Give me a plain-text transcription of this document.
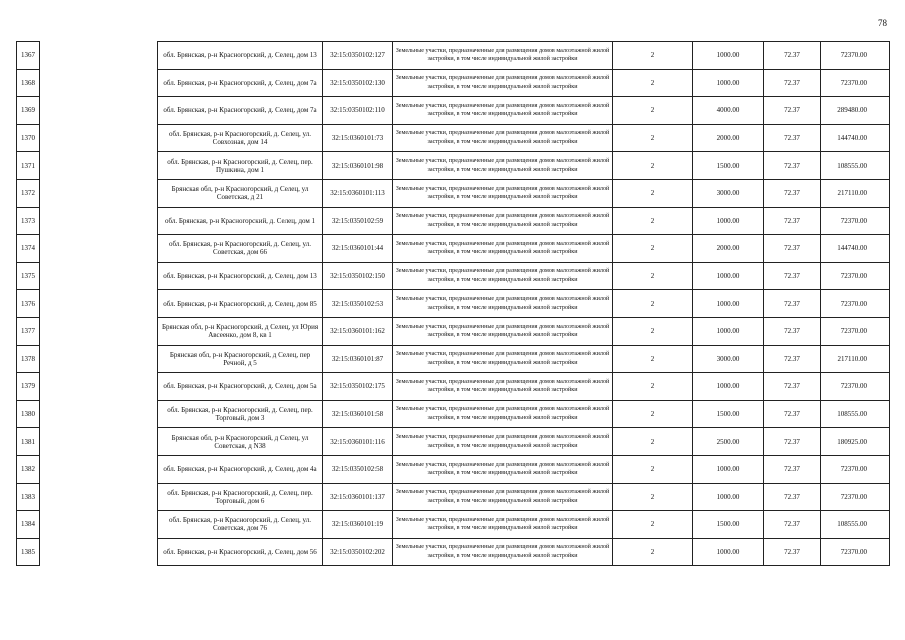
78
1367		обл. Брянская, р-н Красногорский, д. Селец, дом 13	32:15:0350102:127	Земельные участки, предназначенные для размещения домов малоэтажной жилой застройки, в том числе индивидуальной жилой застройки	2	1000.00	72.37	72370.00
1368		обл. Брянская, р-н Красногорский, д. Селец, дом 7а	32:15:0350102:130	Земельные участки, предназначенные для размещения домов малоэтажной жилой застройки, в том числе индивидуальной жилой застройки	2	1000.00	72.37	72370.00
1369		обл. Брянская, р-н Красногорский, д. Селец, дом 7а	32:15:0350102:110	Земельные участки, предназначенные для размещения домов малоэтажной жилой застройки, в том числе индивидуальной жилой застройки	2	4000.00	72.37	289480.00
1370		обл. Брянская, р-н Красногорский, д. Селец, ул. Совхозная, дом 14	32:15:0360101:73	Земельные участки, предназначенные для размещения домов малоэтажной жилой застройки, в том числе индивидуальной жилой застройки	2	2000.00	72.37	144740.00
1371		обл. Брянская, р-н Красногорский, д. Селец, пер. Пушкина, дом 1	32:15:0360101:98	Земельные участки, предназначенные для размещения домов малоэтажной жилой застройки, в том числе индивидуальной жилой застройки	2	1500.00	72.37	108555.00
1372		Брянская обл, р-н Красногорский, д Селец, ул Советская, д 21	32:15:0360101:113	Земельные участки, предназначенные для размещения домов малоэтажной жилой застройки, в том числе индивидуальной жилой застройки	2	3000.00	72.37	217110.00
1373		обл. Брянская, р-н Красногорский, д. Селец, дом 1	32:15:0350102:59	Земельные участки, предназначенные для размещения домов малоэтажной жилой застройки, в том числе индивидуальной жилой застройки	2	1000.00	72.37	72370.00
1374		обл. Брянская, р-н Красногорский, д. Селец, ул. Советская, дом 66	32:15:0360101:44	Земельные участки, предназначенные для размещения домов малоэтажной жилой застройки, в том числе индивидуальной жилой застройки	2	2000.00	72.37	144740.00
1375		обл. Брянская, р-н Красногорский, д. Селец, дом 13	32:15:0350102:150	Земельные участки, предназначенные для размещения домов малоэтажной жилой застройки, в том числе индивидуальной жилой застройки	2	1000.00	72.37	72370.00
1376		обл. Брянская, р-н Красногорский, д. Селец, дом 85	32:15:0350102:53	Земельные участки, предназначенные для размещения домов малоэтажной жилой застройки, в том числе индивидуальной жилой застройки	2	1000.00	72.37	72370.00
1377		Брянская обл, р-н Красногорский, д Селец, ул Юрия Авсеенко, дом 8, кв 1	32:15:0360101:162	Земельные участки, предназначенные для размещения домов малоэтажной жилой застройки, в том числе индивидуальной жилой застройки	2	1000.00	72.37	72370.00
1378		Брянская обл, р-н Красногорский, д Селец, пер Речной, д 5	32:15:0360101:87	Земельные участки, предназначенные для размещения домов малоэтажной жилой застройки, в том числе индивидуальной жилой застройки	2	3000.00	72.37	217110.00
1379		обл. Брянская, р-н Красногорский, д. Селец, дом 5а	32:15:0350102:175	Земельные участки, предназначенные для размещения домов малоэтажной жилой застройки, в том числе индивидуальной жилой застройки	2	1000.00	72.37	72370.00
1380		обл. Брянская, р-н Красногорский, д. Селец, пер. Торговый, дом 3	32:15:0360101:58	Земельные участки, предназначенные для размещения домов малоэтажной жилой застройки, в том числе индивидуальной жилой застройки	2	1500.00	72.37	108555.00
1381		Брянская обл, р-н Красногорский, д Селец, ул Советская, д N38	32:15:0360101:116	Земельные участки, предназначенные для размещения домов малоэтажной жилой застройки, в том числе индивидуальной жилой застройки	2	2500.00	72.37	180925.00
1382		обл. Брянская, р-н Красногорский, д. Селец, дом 4а	32:15:0350102:58	Земельные участки, предназначенные для размещения домов малоэтажной жилой застройки, в том числе индивидуальной жилой застройки	2	1000.00	72.37	72370.00
1383		обл. Брянская, р-н Красногорский, д. Селец, пер. Торговый, дом 6	32:15:0360101:137	Земельные участки, предназначенные для размещения домов малоэтажной жилой застройки, в том числе индивидуальной жилой застройки	2	1000.00	72.37	72370.00
1384		обл. Брянская, р-н Красногорский, д. Селец, ул. Советская, дом 76	32:15:0360101:19	Земельные участки, предназначенные для размещения домов малоэтажной жилой застройки, в том числе индивидуальной жилой застройки	2	1500.00	72.37	108555.00
1385		обл. Брянская, р-н Красногорский, д. Селец, дом 56	32:15:0350102:202	Земельные участки, предназначенные для размещения домов малоэтажной жилой застройки, в том числе индивидуальной жилой застройки	2	1000.00	72.37	72370.00
